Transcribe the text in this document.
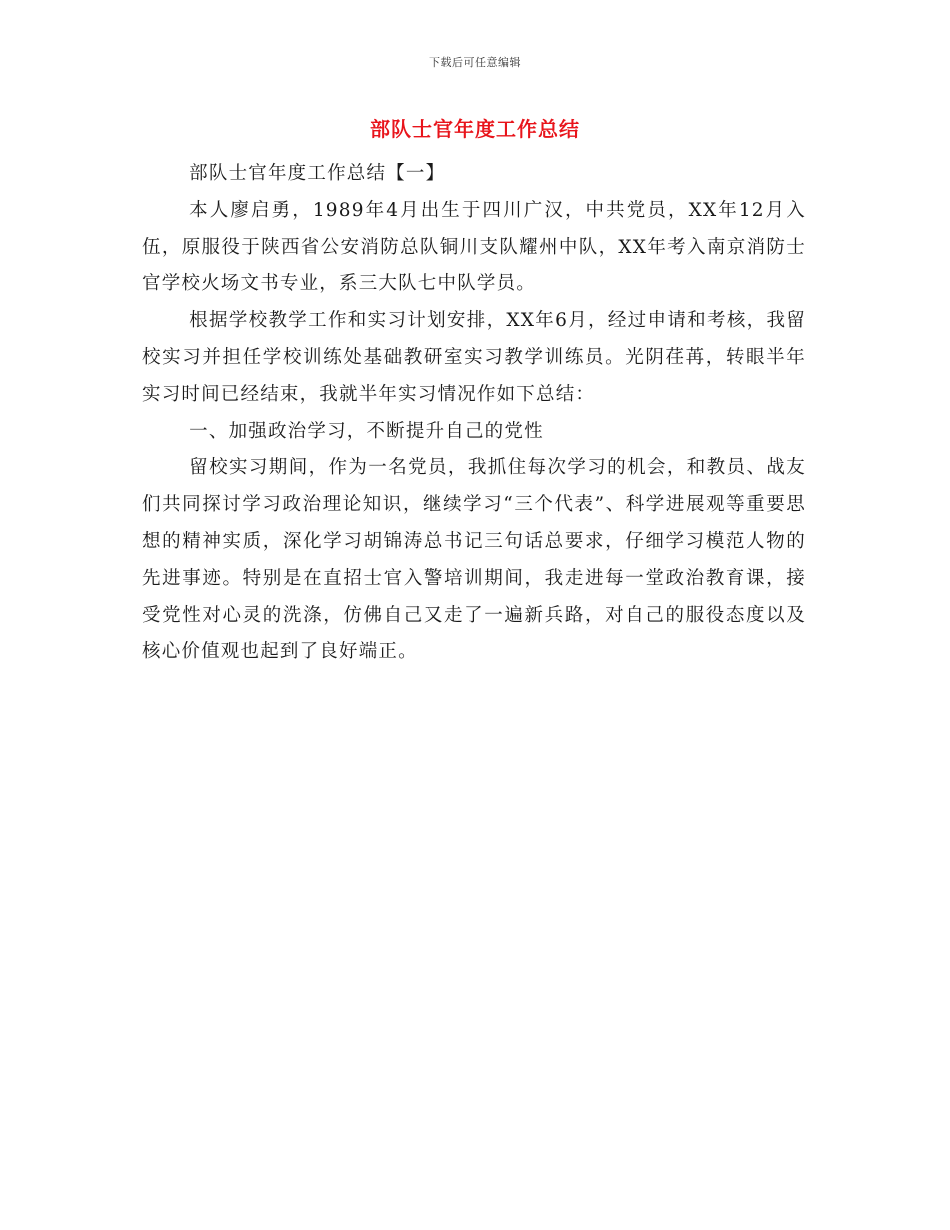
下载后可任意编辑
部队士官年度工作总结

部队士官年度工作总结【一】

本人廖启勇，1989年4月出生于四川广汉，中共党员，XX年12月入伍，原服役于陕西省公安消防总队铜川支队耀州中队，XX年考入南京消防士官学校火场文书专业，系三大队七中队学员。

根据学校教学工作和实习计划安排，XX年6月，经过申请和考核，我留校实习并担任学校训练处基础教研室实习教学训练员。光阴荏苒，转眼半年实习时间已经结束，我就半年实习情况作如下总结：

一、加强政治学习，不断提升自己的党性

留校实习期间，作为一名党员，我抓住每次学习的机会，和教员、战友们共同探讨学习政治理论知识，继续学习“三个代表”、科学进展观等重要思想的精神实质，深化学习胡锦涛总书记三句话总要求，仔细学习模范人物的先进事迹。特别是在直招士官入警培训期间，我走进每一堂政治教育课，接受党性对心灵的洗涤，仿佛自己又走了一遍新兵路，对自己的服役态度以及核心价值观也起到了良好端正。
